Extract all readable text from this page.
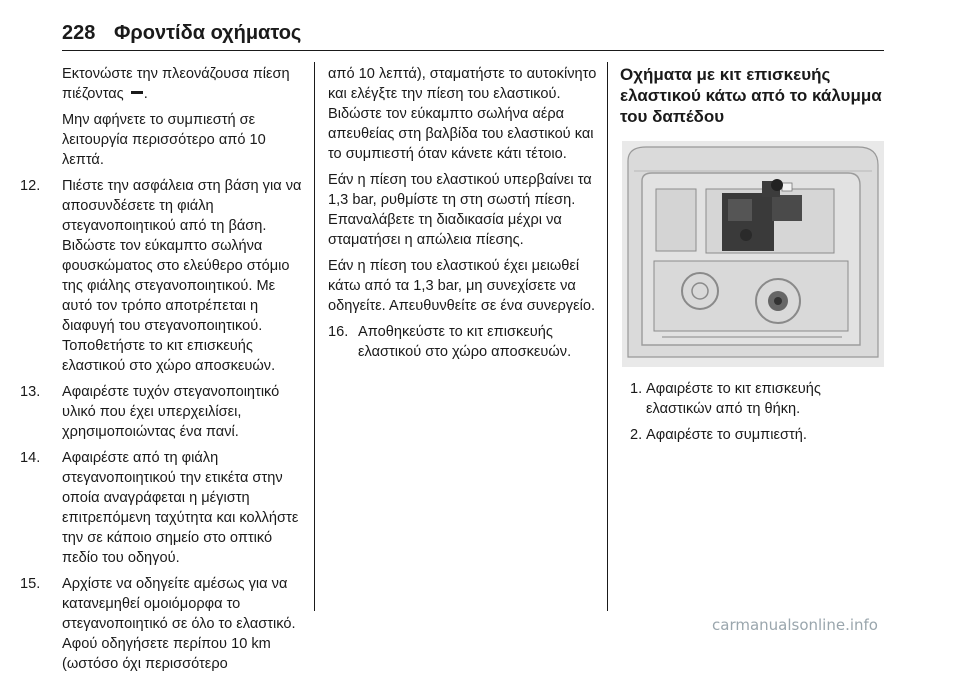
228 Φροντίδα οχήματος

Εκτονώστε την πλεονάζουσα πίεση πιέζοντας .

Μην αφήνετε το συμπιεστή σε λειτουργία περισσότερο από 10 λεπτά.

12. Πιέστε την ασφάλεια στη βάση για να αποσυνδέσετε τη φιάλη στεγανοποιητικού από τη βάση. Βιδώστε τον εύκαμπτο σωλήνα φουσκώματος στο ελεύθερο στόμιο της φιάλης στεγανοποιητικού. Με αυτό τον τρόπο αποτρέπεται η διαφυγή του στεγανοποιητικού. Τοποθετήστε το κιτ επισκευής ελαστικού στο χώρο αποσκευών.
13. Αφαιρέστε τυχόν στεγανοποιητικό υλικό που έχει υπερχειλίσει, χρησιμοποιώντας ένα πανί.
14. Αφαιρέστε από τη φιάλη στεγανοποιητικού την ετικέτα στην οποία αναγράφεται η μέγιστη επιτρεπόμενη ταχύτητα και κολλήστε την σε κάποιο σημείο στο οπτικό πεδίο του οδηγού.
15. Αρχίστε να οδηγείτε αμέσως για να κατανεμηθεί ομοιόμορφα το στεγανοποιητικό σε όλο το ελαστικό. Αφού οδηγήσετε περίπου 10 km (ωστόσο όχι περισσότερο

από 10 λεπτά), σταματήστε το αυτοκίνητο και ελέγξτε την πίεση του ελαστικού. Βιδώστε τον εύκαμπτο σωλήνα αέρα απευθείας στη βαλβίδα του ελαστικού και το συμπιεστή όταν κάνετε κάτι τέτοιο.

Εάν η πίεση του ελαστικού υπερβαίνει τα 1,3 bar, ρυθμίστε τη στη σωστή πίεση. Επαναλάβετε τη διαδικασία μέχρι να σταματήσει η απώλεια πίεσης.

Εάν η πίεση του ελαστικού έχει μειωθεί κάτω από τα 1,3 bar, μη συνεχίσετε να οδηγείτε. Απευθυνθείτε σε ένα συνεργείο.

16. Αποθηκεύστε το κιτ επισκευής ελαστικού στο χώρο αποσκευών.
Οχήματα με κιτ επισκευής ελαστικού κάτω από το κάλυμμα του δαπέδου
1. Αφαιρέστε το κιτ επισκευής ελαστικών από τη θήκη.
2. Αφαιρέστε το συμπιεστή.
carmanualsonline.info
